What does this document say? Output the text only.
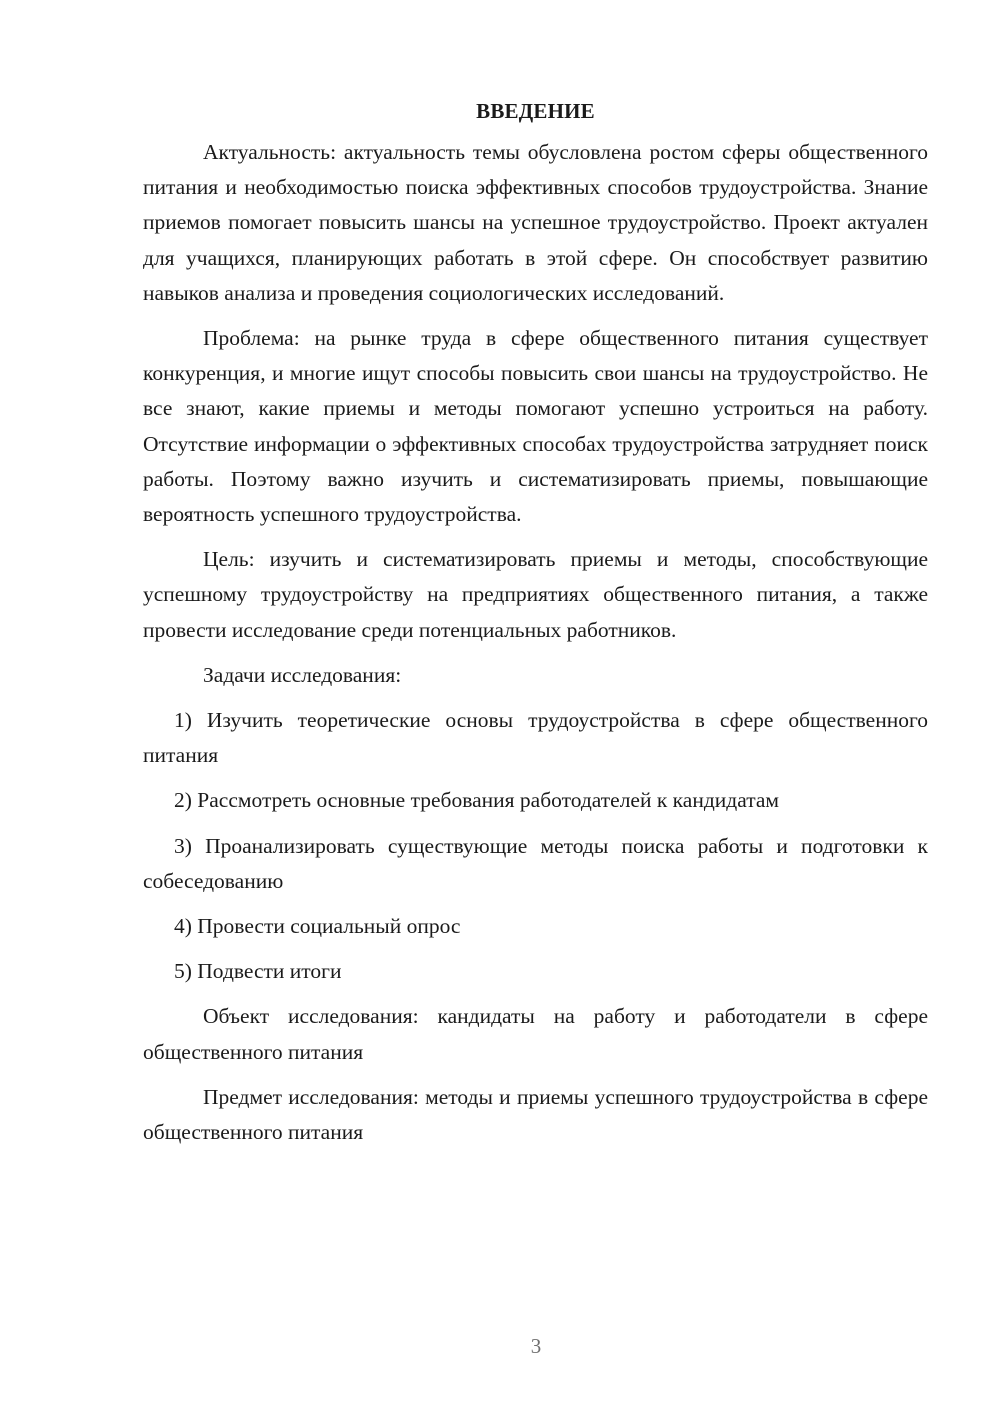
ВВЕДЕНИЕ

Актуальность: актуальность темы обусловлена ростом сферы общественного питания и необходимостью поиска эффективных способов трудоустройства. Знание приемов помогает повысить шансы на успешное трудоустройство. Проект актуален для учащихся, планирующих работать в этой сфере. Он способствует развитию навыков анализа и проведения социологических исследований.

Проблема: на рынке труда в сфере общественного питания существует конкуренция, и многие ищут способы повысить свои шансы на трудоустройство. Не все знают, какие приемы и методы помогают успешно устроиться на работу. Отсутствие информации о эффективных способах трудоустройства затрудняет поиск работы. Поэтому важно изучить и систематизировать приемы, повышающие вероятность успешного трудоустройства.

Цель: изучить и систематизировать приемы и методы, способствующие успешному трудоустройству на предприятиях общественного питания, а также провести исследование среди потенциальных работников.

Задачи исследования:

1) Изучить теоретические основы трудоустройства в сфере общественного питания

2) Рассмотреть основные требования работодателей к кандидатам

3) Проанализировать существующие методы поиска работы и подготовки к собеседованию

4) Провести социальный опрос

5) Подвести итоги

Объект исследования: кандидаты на работу и работодатели в сфере общественного питания

Предмет исследования: методы и приемы успешного трудоустройства в сфере общественного питания

3
